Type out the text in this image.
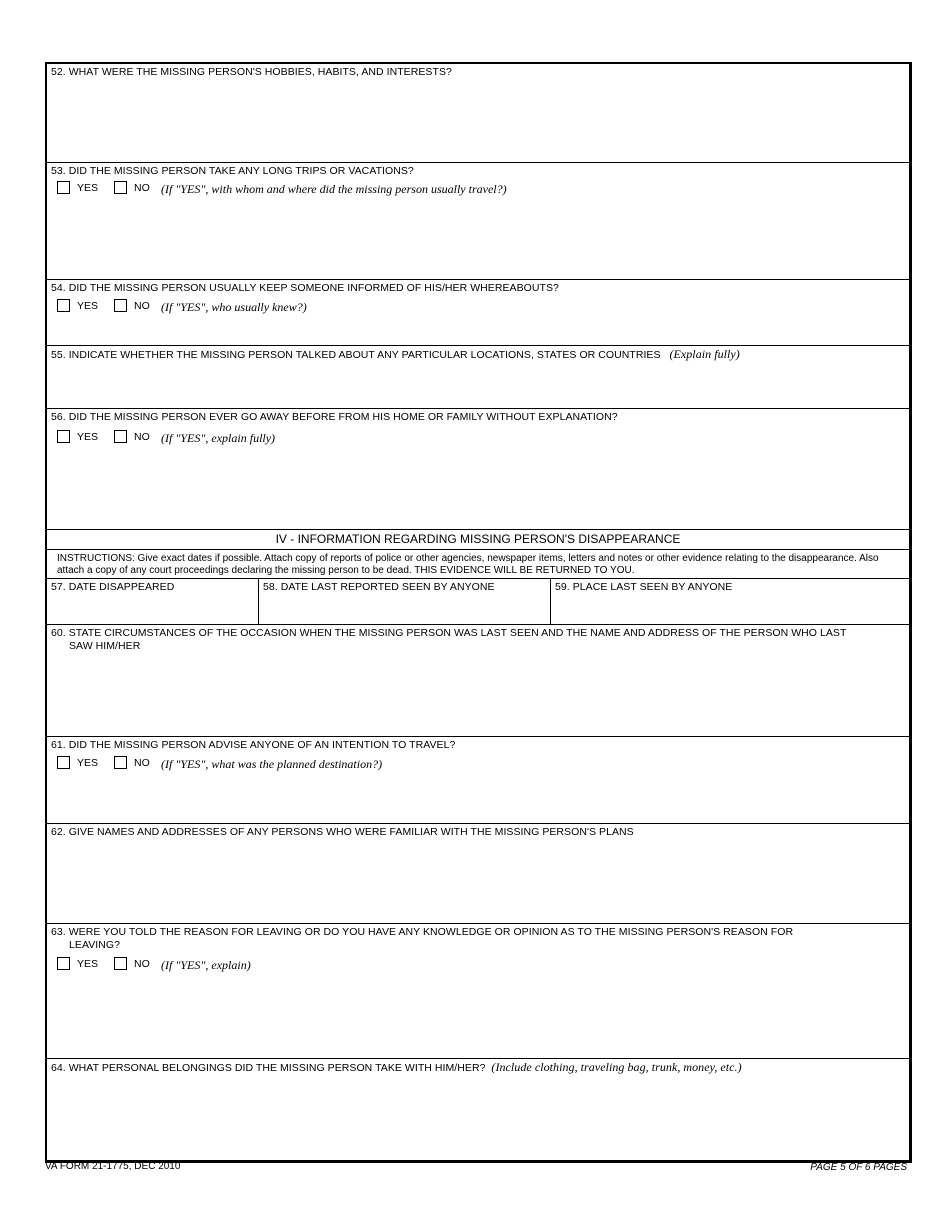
52. WHAT WERE THE MISSING PERSON'S HOBBIES, HABITS, AND INTERESTS?
53. DID THE MISSING PERSON TAKE ANY LONG TRIPS OR VACATIONS?
YES	NO (If "YES", with whom and where did the missing person usually travel?)
54. DID THE MISSING PERSON USUALLY KEEP SOMEONE INFORMED OF HIS/HER WHEREABOUTS?
YES	NO (If "YES", who usually knew?)
55. INDICATE WHETHER THE MISSING PERSON TALKED ABOUT ANY PARTICULAR LOCATIONS, STATES OR COUNTRIES (Explain fully)
56. DID THE MISSING PERSON EVER GO AWAY BEFORE FROM HIS HOME OR FAMILY WITHOUT EXPLANATION?
YES	NO (If "YES", explain fully)
IV - INFORMATION REGARDING MISSING PERSON'S DISAPPEARANCE
INSTRUCTIONS: Give exact dates if possible. Attach copy of reports of police or other agencies, newspaper items, letters and notes or other evidence relating to the disappearance. Also attach a copy of any court proceedings declaring the missing person to be dead. THIS EVIDENCE WILL BE RETURNED TO YOU.
57. DATE DISAPPEARED	58. DATE LAST REPORTED SEEN BY ANYONE	59. PLACE LAST SEEN BY ANYONE
60. STATE CIRCUMSTANCES OF THE OCCASION WHEN THE MISSING PERSON WAS LAST SEEN AND THE NAME AND ADDRESS OF THE PERSON WHO LAST
SAW HIM/HER
61. DID THE MISSING PERSON ADVISE ANYONE OF AN INTENTION TO TRAVEL?
YES	NO (If "YES", what was the planned destination?)
62. GIVE NAMES AND ADDRESSES OF ANY PERSONS WHO WERE FAMILIAR WITH THE MISSING PERSON'S PLANS
63. WERE YOU TOLD THE REASON FOR LEAVING OR DO YOU HAVE ANY KNOWLEDGE OR OPINION AS TO THE MISSING PERSON'S REASON FOR
LEAVING?
YES	NO (If "YES", explain)
64. WHAT PERSONAL BELONGINGS DID THE MISSING PERSON TAKE WITH HIM/HER? (Include clothing, traveling bag, trunk, money, etc.)
VA FORM 21-1775, DEC 2010	PAGE 5 OF 6 PAGES
